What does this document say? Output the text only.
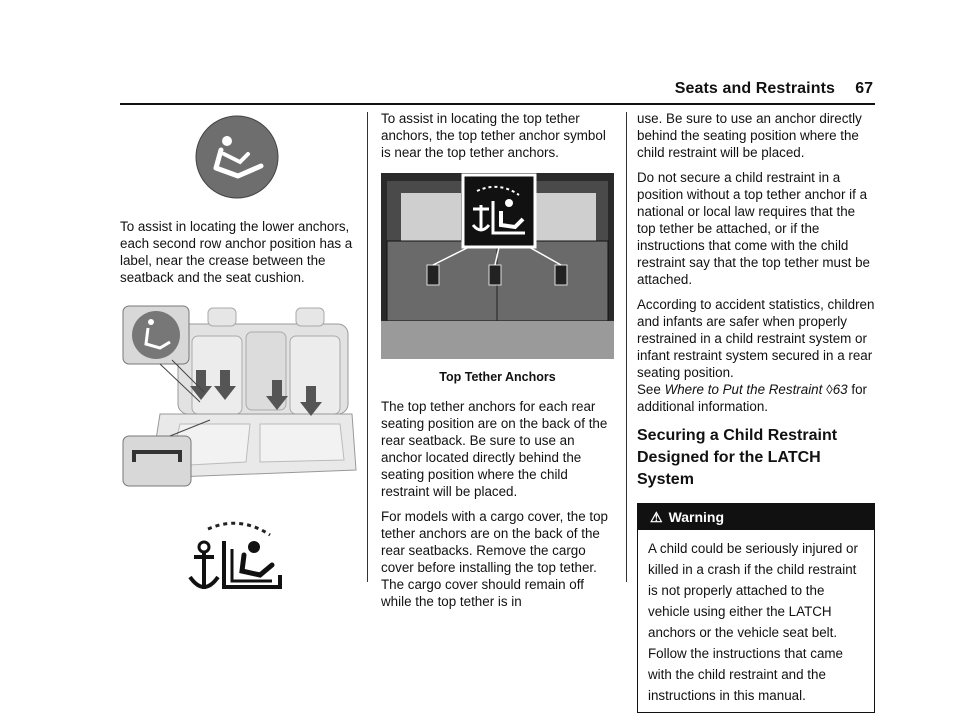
Seats and Restraints 67

To assist in locating the lower anchors, each second row anchor position has a label, near the crease between the seatback and the seat cushion.

To assist in locating the top tether anchors, the top tether anchor symbol is near the top tether anchors.

Top Tether Anchors

The top tether anchors for each rear seating position are on the back of the rear seatback. Be sure to use an anchor located directly behind the seating position where the child restraint will be placed.

For models with a cargo cover, the top tether anchors are on the back of the rear seatbacks. Remove the cargo cover before installing the top tether. The cargo cover should remain off while the top tether is in

use. Be sure to use an anchor directly behind the seating position where the child restraint will be placed.

Do not secure a child restraint in a position without a top tether anchor if a national or local law requires that the top tether be attached, or if the instructions that come with the child restraint say that the top tether must be attached.

According to accident statistics, children and infants are safer when properly restrained in a child restraint system or infant restraint system secured in a rear seating position.

See Where to Put the Restraint ◊63 for additional information.

Securing a Child Restraint Designed for the LATCH System
⚠ Warning
A child could be seriously injured or killed in a crash if the child restraint is not properly attached to the vehicle using either the LATCH anchors or the vehicle seat belt. Follow the instructions that came with the child restraint and the instructions in this manual.
